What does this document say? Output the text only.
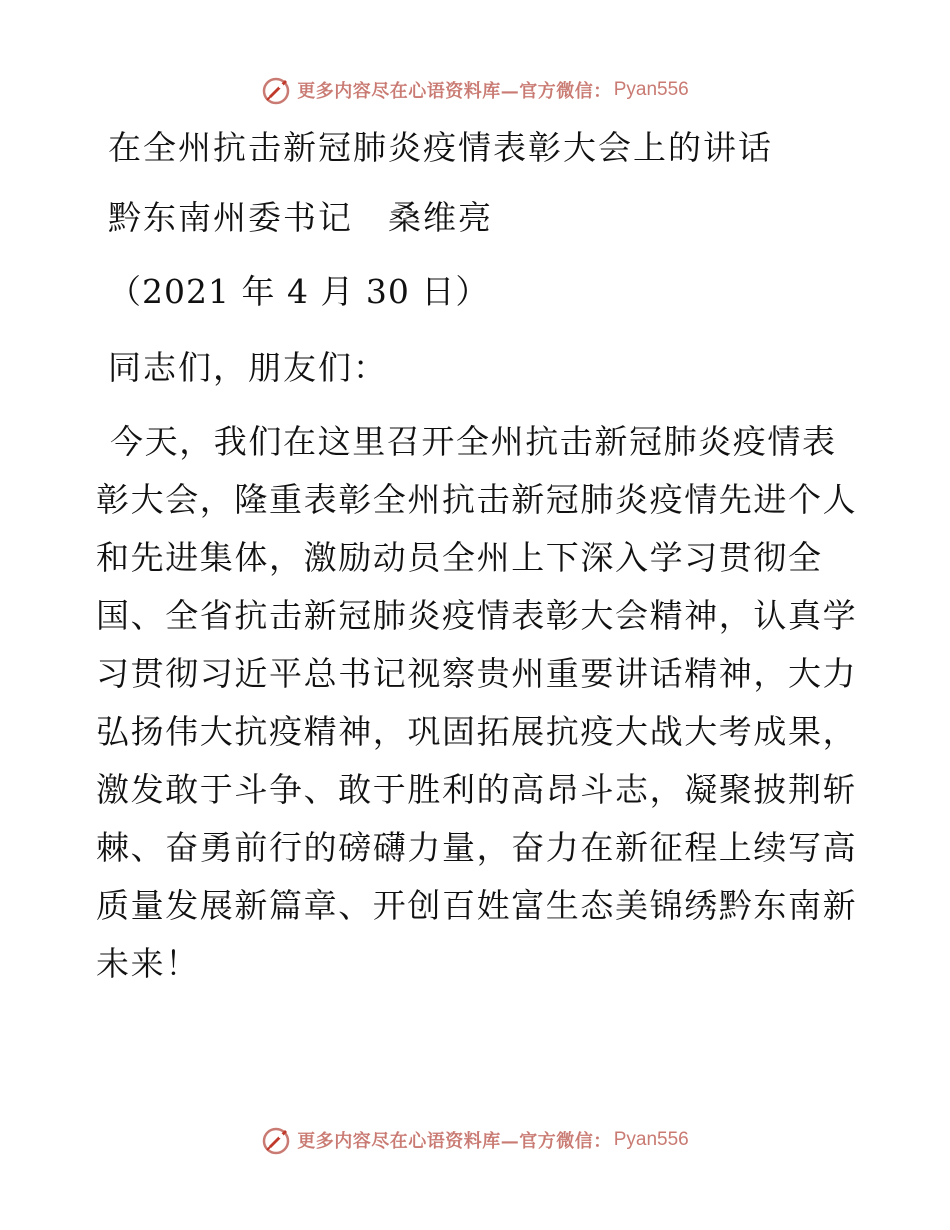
更多内容尽在心语资料库—官方微信： Pyan556
在全州抗击新冠肺炎疫情表彰大会上的讲话
黔东南州委书记　桑维亮
（2021 年 4 月 30 日）
同志们，朋友们：
今天，我们在这里召开全州抗击新冠肺炎疫情表
彰大会，隆重表彰全州抗击新冠肺炎疫情先进个人
和先进集体，激励动员全州上下深入学习贯彻全
国、全省抗击新冠肺炎疫情表彰大会精神，认真学
习贯彻习近平总书记视察贵州重要讲话精神，大力
弘扬伟大抗疫精神，巩固拓展抗疫大战大考成果，
激发敢于斗争、敢于胜利的高昂斗志，凝聚披荆斩
棘、奋勇前行的磅礴力量，奋力在新征程上续写高
质量发展新篇章、开创百姓富生态美锦绣黔东南新
未来！
更多内容尽在心语资料库—官方微信： Pyan556
